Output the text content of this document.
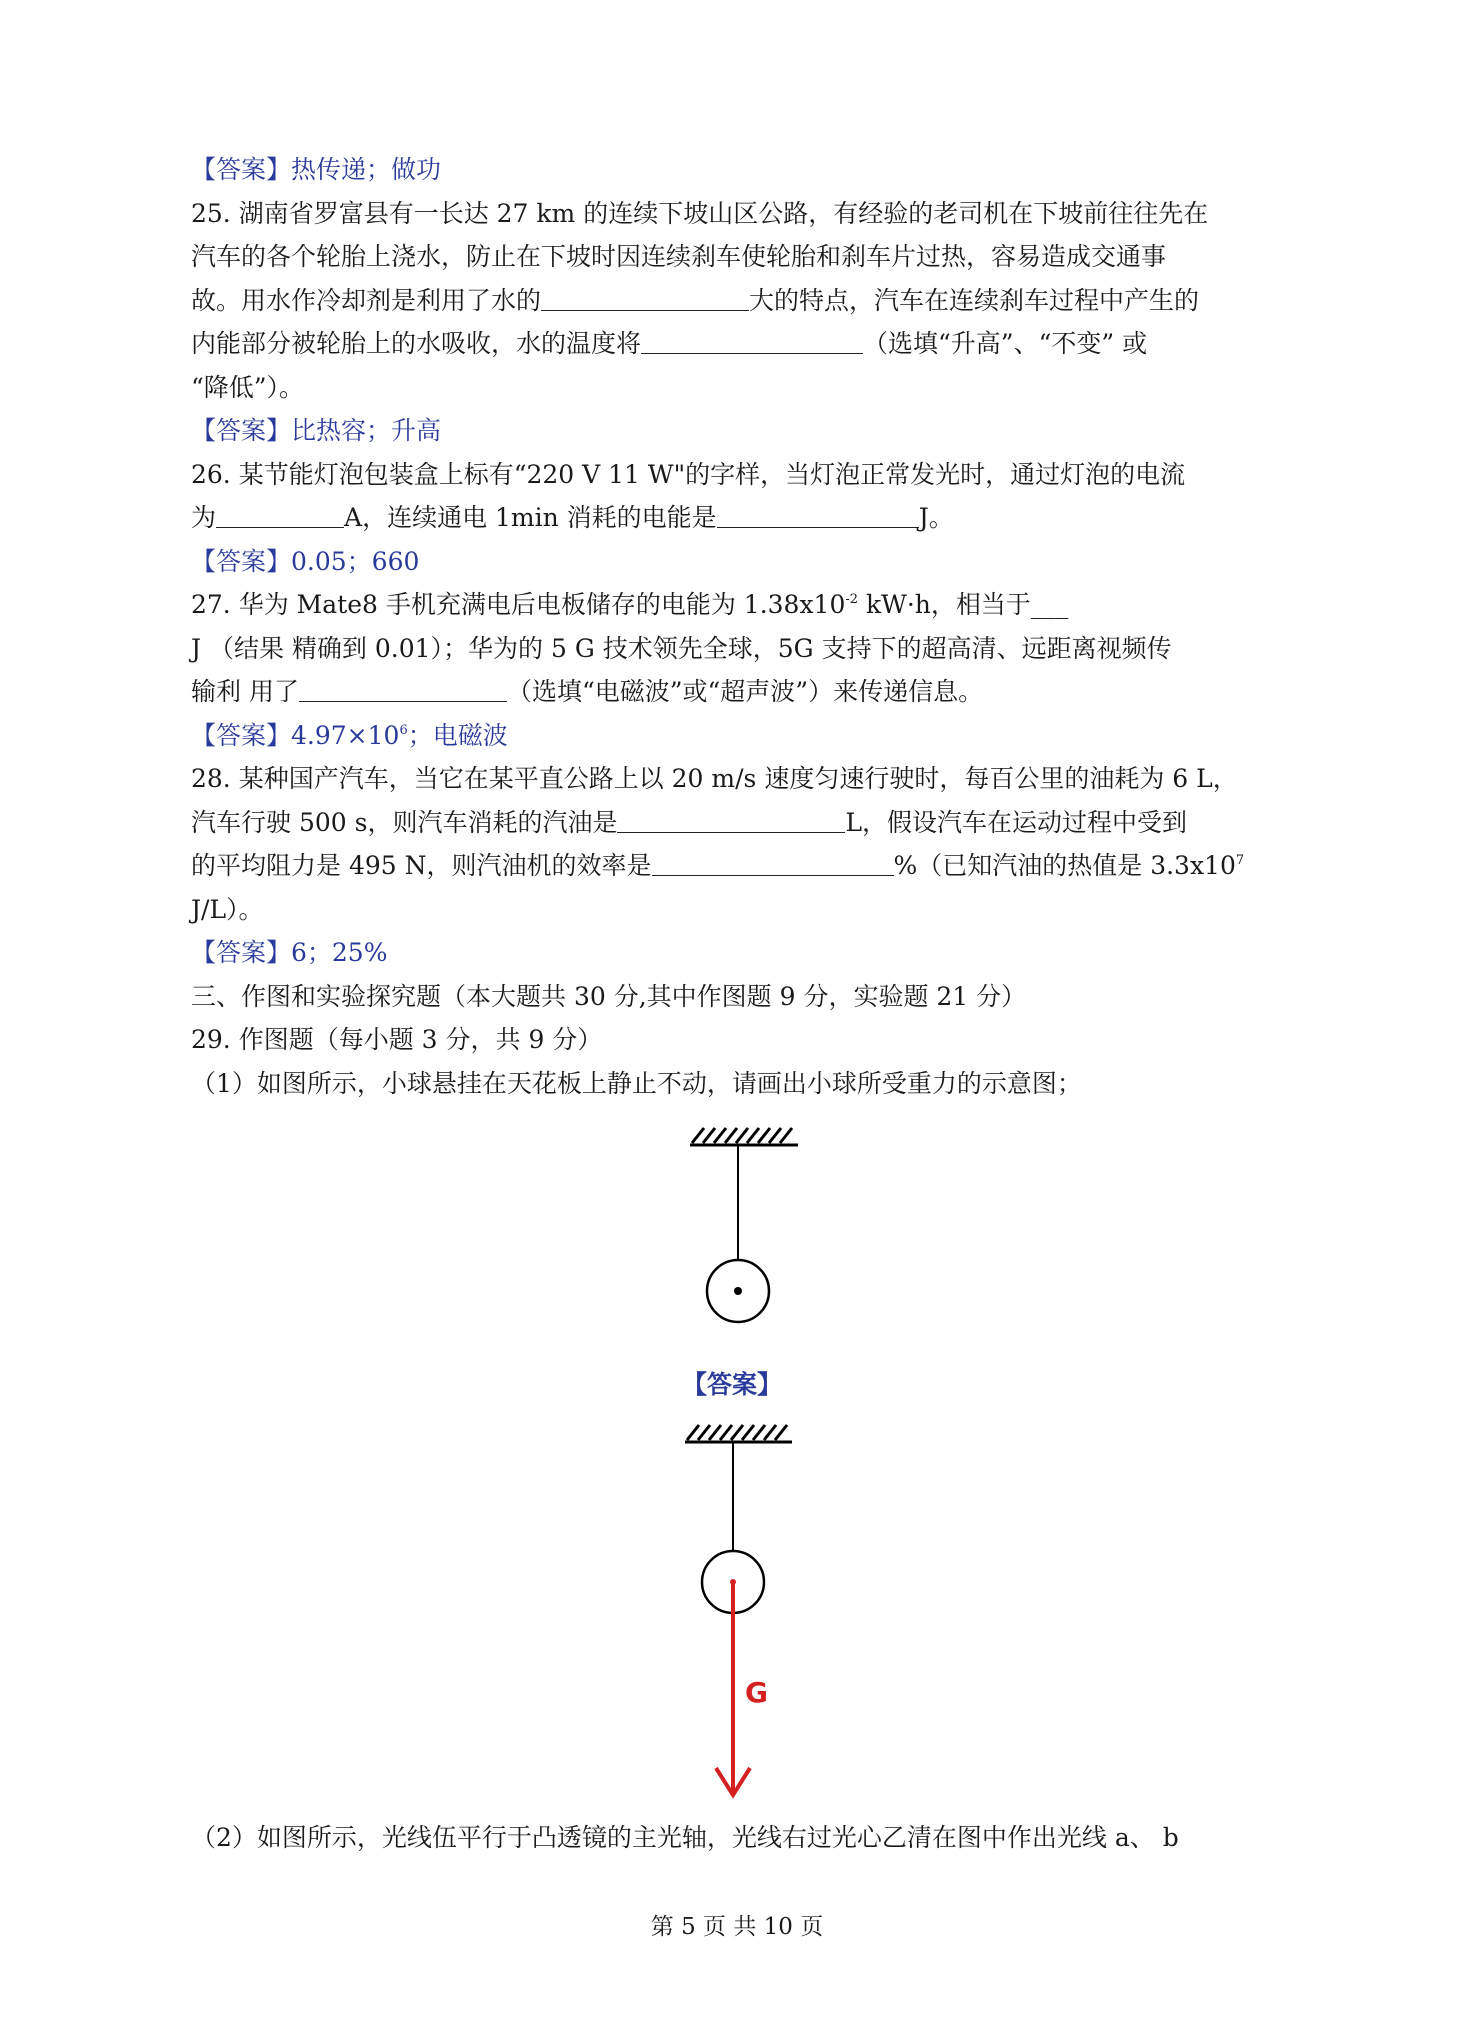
【答案】热传递；做功
25. 湖南省罗富县有一长达 27 km 的连续下坡山区公路，有经验的老司机在下坡前往往先在
汽车的各个轮胎上浇水，防止在下坡时因连续刹车使轮胎和刹车片过热，容易造成交通事
故。用水作冷却剂是利用了水的	大的特点，汽车在连续刹车过程中产生的
内能部分被轮胎上的水吸收，水的温度将	（选填“升高”、“不变” 或
“降低”）。
【答案】比热容；升高
26. 某节能灯泡包装盒上标有“220 V 11 W"的字样，当灯泡正常发光时，通过灯泡的电流
为	A，连续通电 1min 消耗的电能是	J。
【答案】0.05；660
27. 华为 Mate8 手机充满电后电板储存的电能为 $1.38x10^{-2}$ kW·h，相当于___
J （结果 精确到 0.01）；华为的 5 G 技术领先全球，5G 支持下的超高清、远距离视频传
输利 用了	（选填“电磁波”或“超声波”）来传递信息。
【答案】$4.97\times 10^6$；电磁波
28. 某种国产汽车，当它在某平直公路上以 20 m/s 速度匀速行驶时，每百公里的油耗为 6 L，
汽车行驶 500 s，则汽车消耗的汽油是	L，假设汽车在运动过程中受到
的平均阻力是 495 N，则汽油机的效率是	%（已知汽油的热值是 $3.3x10^7$
J/L）。
【答案】6；25%
三、作图和实验探究题（本大题共 30 分,其中作图题 9 分，实验题 21 分）
29. 作图题（每小题 3 分，共 9 分）
（1）如图所示，小球悬挂在天花板上静止不动，请画出小球所受重力的示意图；
G
【答案】
（2）如图所示，光线伍平行于凸透镜的主光轴，光线右过光心乙清在图中作出光线 a、 b
第 5 页 共 10 页
